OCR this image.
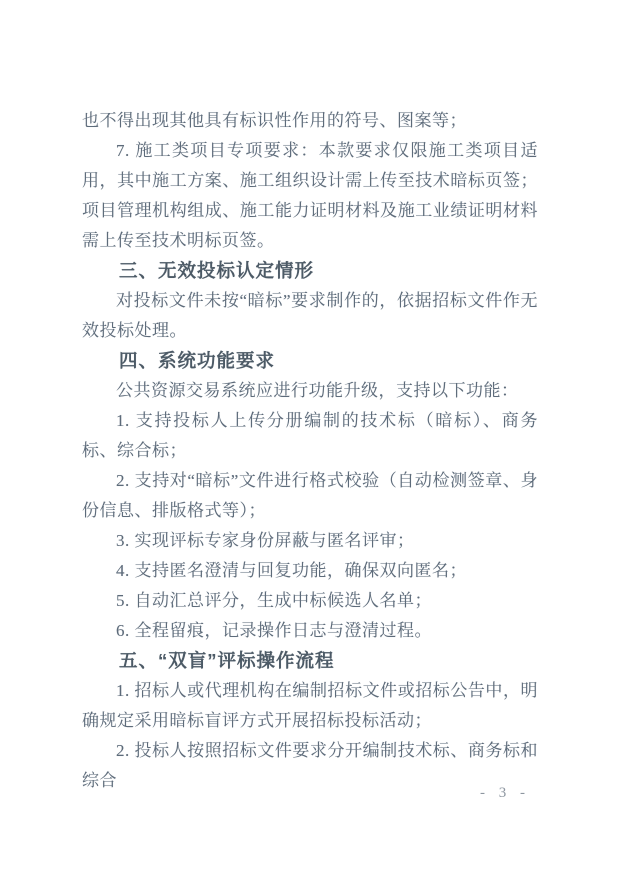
也不得出现其他具有标识性作用的符号、图案等；

7. 施工类项目专项要求：本款要求仅限施工类项目适用，其中施工方案、施工组织设计需上传至技术暗标页签；项目管理机构组成、施工能力证明材料及施工业绩证明材料需上传至技术明标页签。

三、无效投标认定情形

对投标文件未按“暗标”要求制作的，依据招标文件作无效投标处理。

四、系统功能要求

公共资源交易系统应进行功能升级，支持以下功能：

1. 支持投标人上传分册编制的技术标（暗标）、商务标、综合标；

2. 支持对“暗标”文件进行格式校验（自动检测签章、身份信息、排版格式等）；

3. 实现评标专家身份屏蔽与匿名评审；

4. 支持匿名澄清与回复功能，确保双向匿名；

5. 自动汇总评分，生成中标候选人名单；

6. 全程留痕，记录操作日志与澄清过程。

五、“双盲”评标操作流程

1. 招标人或代理机构在编制招标文件或招标公告中，明确规定采用暗标盲评方式开展招标投标活动；

2. 投标人按照招标文件要求分开编制技术标、商务标和综合

- 3 -
